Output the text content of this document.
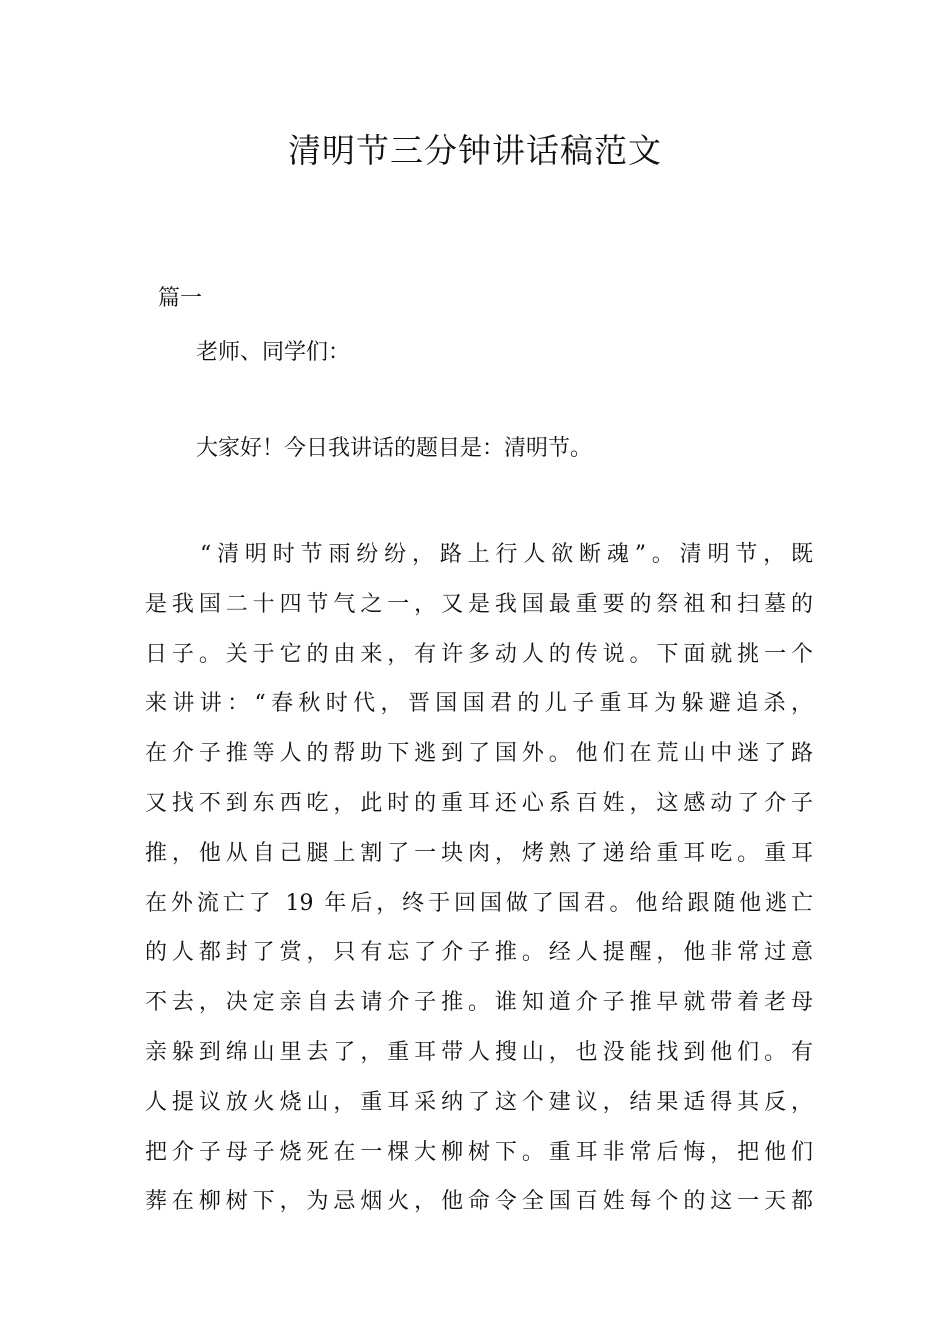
清明节三分钟讲话稿范文
篇一
老师、同学们：
大家好！今日我讲话的题目是：清明节。
“清明时节雨纷纷，路上行人欲断魂”。清明节，既
是我国二十四节气之一，又是我国最重要的祭祖和扫墓的
日子。关于它的由来，有许多动人的传说。下面就挑一个
来讲讲：“春秋时代，晋国国君的儿子重耳为躲避追杀，
在介子推等人的帮助下逃到了国外。他们在荒山中迷了路
又找不到东西吃，此时的重耳还心系百姓，这感动了介子
推，他从自己腿上割了一块肉，烤熟了递给重耳吃。重耳
在外流亡了 19 年后，终于回国做了国君。他给跟随他逃亡
的人都封了赏，只有忘了介子推。经人提醒，他非常过意
不去，决定亲自去请介子推。谁知道介子推早就带着老母
亲躲到绵山里去了，重耳带人搜山，也没能找到他们。有
人提议放火烧山，重耳采纳了这个建议，结果适得其反，
把介子母子烧死在一棵大柳树下。重耳非常后悔，把他们
葬在柳树下，为忌烟火，他命令全国百姓每个的这一天都
